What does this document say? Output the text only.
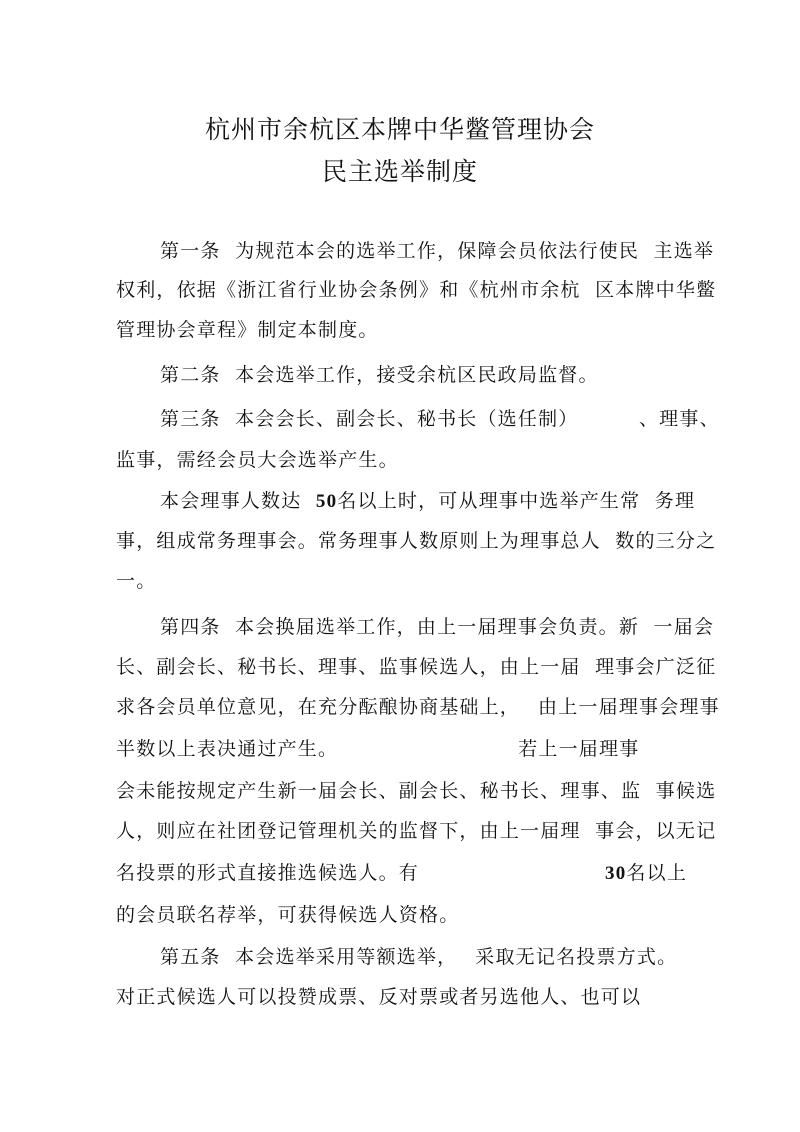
杭州市余杭区本牌中华鳖管理协会
民主选举制度
第一条  为规范本会的选举工作，保障会员依法行使民  主选举
权利，依据《浙江省行业协会条例》和《杭州市余杭  区本牌中华鳖
管理协会章程》制定本制度。
第二条  本会选举工作，接受余杭区民政局监督。
第三条  本会会长、副会长、秘书长（选任制）	、理事、
监事，需经会员大会选举产生。
本会理事人数达  50名以上时，可从理事中选举产生常  务理
事，组成常务理事会。常务理事人数原则上为理事总人  数的三分之
一。
第四条  本会换届选举工作，由上一届理事会负责。新  一届会
长、副会长、秘书长、理事、监事候选人，由上一届  理事会广泛征
求各会员单位意见，在充分酝酿协商基础上， 由上一届理事会理事
半数以上表决通过产生。	若上一届理事
会未能按规定产生新一届会长、副会长、秘书长、理事、监  事候选
人，则应在社团登记管理机关的监督下，由上一届理  事会，以无记
名投票的形式直接推选候选人。有	30名以上
的会员联名荐举，可获得候选人资格。
第五条  本会选举采用等额选举， 采取无记名投票方式。
对正式候选人可以投赞成票、反对票或者另选他人、也可以
